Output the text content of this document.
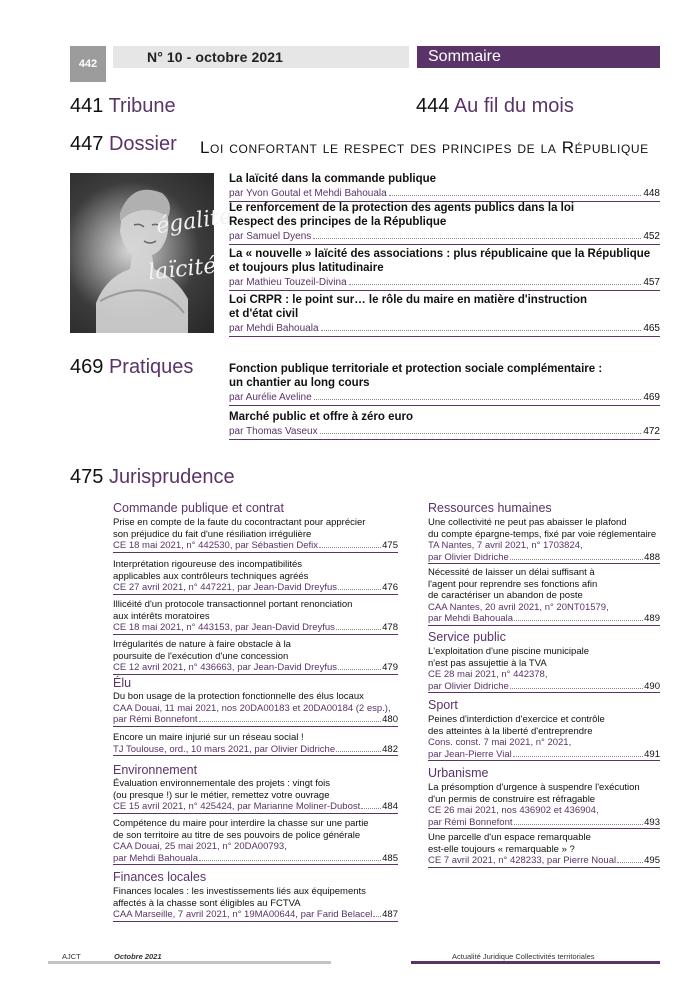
442	N° 10 - octobre 2021	Sommaire
441 Tribune	444 Au fil du mois
447 Dossier Loi confortant le respect des principes de la République
égalité
laïcité
La laïcité dans la commande publique
par Yvon Goutal et Mehdi Bahouala	448
Le renforcement de la protection des agents publics dans la loi
Respect des principes de la République
par Samuel Dyens	452
La « nouvelle » laïcité des associations : plus républicaine que la République
et toujours plus latitudinaire
par Mathieu Touzeil-Divina	457
Loi CRPR : le point sur… le rôle du maire en matière d'instruction
et d'état civil
par Mehdi Bahouala	465
469 Pratiques	Fonction publique territoriale et protection sociale complémentaire :
un chantier au long cours
par Aurélie Aveline	469
Marché public et offre à zéro euro
par Thomas Vaseux	472
475 Jurisprudence
Commande publique et contrat
Prise en compte de la faute du cocontractant pour apprécier
son préjudice du fait d'une résiliation irrégulière
CE 18 mai 2021, n° 442530, par Sébastien Defix	475
Interprétation rigoureuse des incompatibilités
applicables aux contrôleurs techniques agréés
CE 27 avril 2021, n° 447221, par Jean-David Dreyfus	476
Illicéité d'un protocole transactionnel portant renonciation
aux intérêts moratoires
CE 18 mai 2021, n° 443153, par Jean-David Dreyfus	478
Irrégularités de nature à faire obstacle à la
poursuite de l'exécution d'une concession
CE 12 avril 2021, n° 436663, par Jean-David Dreyfus	479
Élu
Du bon usage de la protection fonctionnelle des élus locaux
CAA Douai, 11 mai 2021, nos 20DA00183 et 20DA00184 (2 esp.),
par Rémi Bonnefont	480
Encore un maire injurié sur un réseau social !
TJ Toulouse, ord., 10 mars 2021, par Olivier Didriche	482
Environnement
Évaluation environnementale des projets : vingt fois
(ou presque !) sur le métier, remettez votre ouvrage
CE 15 avril 2021, n° 425424, par Marianne Moliner-Dubost 484
Compétence du maire pour interdire la chasse sur une partie
de son territoire au titre de ses pouvoirs de police générale
CAA Douai, 25 mai 2021, n° 20DA00793,
par Mehdi Bahouala	485
Finances locales
Finances locales : les investissements liés aux équipements
affectés à la chasse sont éligibles au FCTVA
CAA Marseille, 7 avril 2021, n° 19MA00644, par Farid Belacel 487
Ressources humaines
Une collectivité ne peut pas abaisser le plafond
du compte épargne-temps, fixé par voie réglementaire
TA Nantes, 7 avril 2021, n° 1703824,
par Olivier Didriche	488
Nécessité de laisser un délai suffisant à
l'agent pour reprendre ses fonctions afin
de caractériser un abandon de poste
CAA Nantes, 20 avril 2021, n° 20NT01579,
par Mehdi Bahouala	489
Service public
L'exploitation d'une piscine municipale
n'est pas assujettie à la TVA
CE 28 mai 2021, n° 442378,
par Olivier Didriche	490
Sport
Peines d'interdiction d'exercice et contrôle
des atteintes à la liberté d'entreprendre
Cons. const. 7 mai 2021, n° 2021,
par Jean-Pierre Vial	491
Urbanisme
La présomption d'urgence à suspendre l'exécution
d'un permis de construire est réfragable
CE 26 mai 2021, nos 436902 et 436904,
par Rémi Bonnefont	493
Une parcelle d'un espace remarquable
est-elle toujours « remarquable » ?
CE 7 avril 2021, n° 428233, par Pierre Noual	495
AJCT	Octobre 2021	Actualité Juridique Collectivités territoriales
